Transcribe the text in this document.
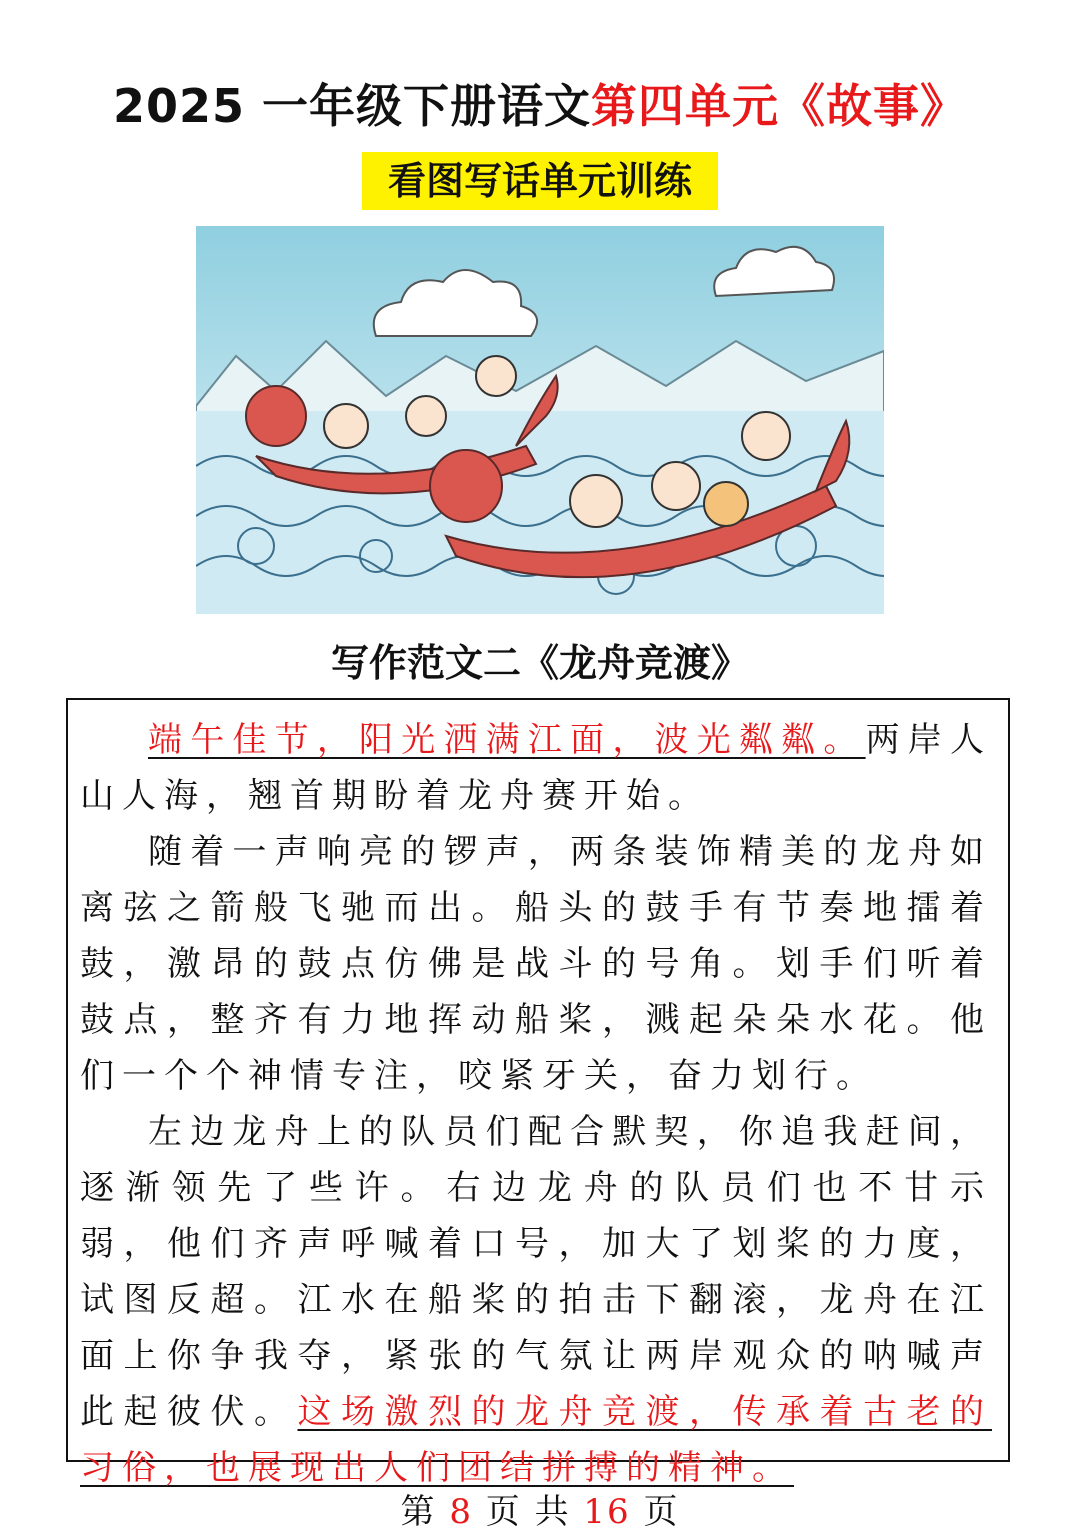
2025 一年级下册语文第四单元《故事》
看图写话单元训练
写作范文二《龙舟竞渡》
端午佳节，阳光洒满江面，波光粼粼。两岸人山人海，翘首期盼着龙舟赛开始。
随着一声响亮的锣声，两条装饰精美的龙舟如离弦之箭般飞驰而出。船头的鼓手有节奏地擂着鼓，激昂的鼓点仿佛是战斗的号角。划手们听着鼓点，整齐有力地挥动船桨，溅起朵朵水花。他们一个个神情专注，咬紧牙关，奋力划行。
左边龙舟上的队员们配合默契，你追我赶间，逐渐领先了些许。右边龙舟的队员们也不甘示弱，他们齐声呼喊着口号，加大了划桨的力度，试图反超。江水在船桨的拍击下翻滚，龙舟在江面上你争我夺，紧张的气氛让两岸观众的呐喊声此起彼伏。这场激烈的龙舟竞渡，传承着古老的习俗，也展现出人们团结拼搏的精神。
第 8 页 共 16 页
